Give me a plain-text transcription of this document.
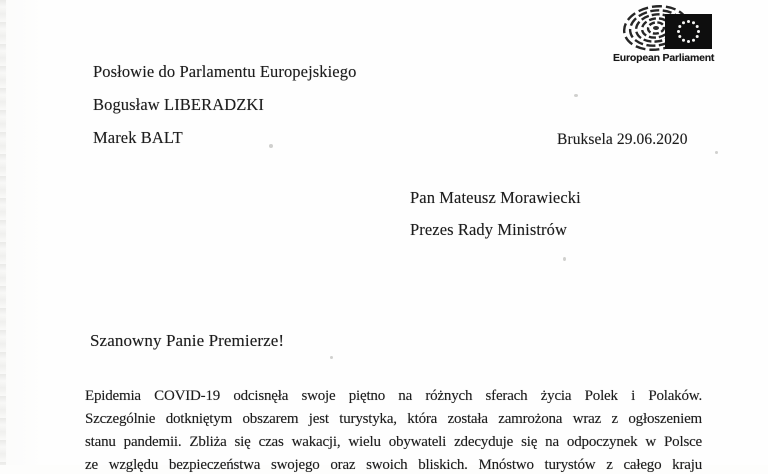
European Parliament
Posłowie do Parlamentu Europejskiego
Bogusław LIBERADZKI
Marek BALT	Bruksela 29.06.2020
Pan Mateusz Morawiecki
Prezes Rady Ministrów
Szanowny Panie Premierze!
Epidemia COVID-19 odcisnęła swoje piętno na różnych sferach życia Polek i Polaków.
Szczególnie dotkniętym obszarem jest turystyka, która została zamrożona wraz z ogłoszeniem
stanu pandemii. Zbliża się czas wakacji, wielu obywateli zdecyduje się na odpoczynek w Polsce
ze względu bezpieczeństwa swojego oraz swoich bliskich. Mnóstwo turystów z całego kraju
